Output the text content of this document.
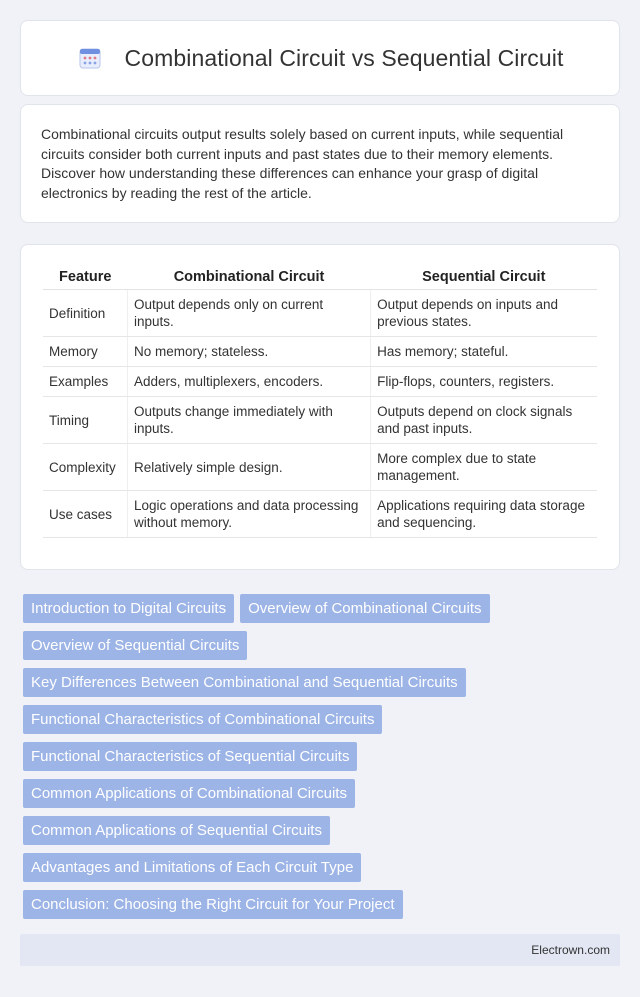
Combinational Circuit vs Sequential Circuit

Combinational circuits output results solely based on current inputs, while sequential circuits consider both current inputs and past states due to their memory elements. Discover how understanding these differences can enhance your grasp of digital electronics by reading the rest of the article.

Feature	Combinational Circuit	Sequential Circuit
Definition	Output depends only on current inputs.	Output depends on inputs and previous states.
Memory	No memory; stateless.	Has memory; stateful.
Examples	Adders, multiplexers, encoders.	Flip-flops, counters, registers.
Timing	Outputs change immediately with inputs.	Outputs depend on clock signals and past inputs.
Complexity	Relatively simple design.	More complex due to state management.
Use cases	Logic operations and data processing without memory.	Applications requiring data storage and sequencing.
Introduction to Digital Circuits Overview of Combinational Circuits
Overview of Sequential Circuits
Key Differences Between Combinational and Sequential Circuits
Functional Characteristics of Combinational Circuits
Functional Characteristics of Sequential Circuits
Common Applications of Combinational Circuits
Common Applications of Sequential Circuits
Advantages and Limitations of Each Circuit Type
Conclusion: Choosing the Right Circuit for Your Project
Electrown.com
